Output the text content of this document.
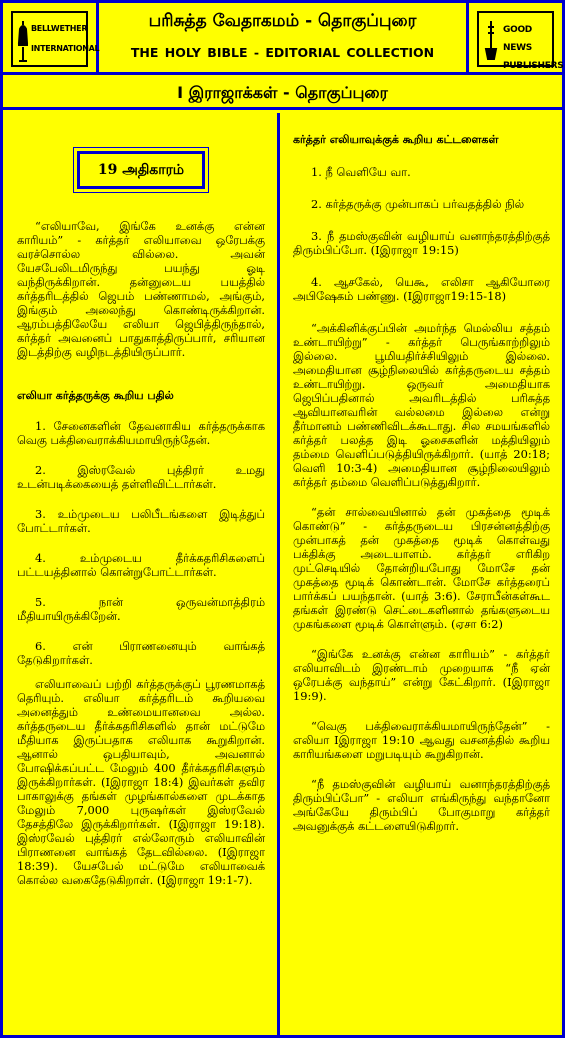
BELLWETHER
INTERNATIONAL
பரிசுத்த வேதாகமம் - தொகுப்புரை
THE HOLY BIBLE - EDITORIAL COLLECTION
GOOD NEWS
PUBLISHERS
I இராஜாக்கள் - தொகுப்புரை
19 அதிகாரம்

“எலியாவே, இங்கே உனக்கு என்ன காரியம்” - கர்த்தர் எலியாவை ஒரேபக்கு வரச்சொல்ல வில்லை. அவன் யேசபேலிடமிருந்து பயந்து ஓடி வந்திருக்கிறான். தன்னுடைய பயத்தில் கர்த்தரிடத்தில் ஜெபம் பண்ணாமல், அங்கும், இங்கும் அலைந்து கொண்டிருக்கிறான். ஆரம்பத்திலேயே எலியா ஜெபித்திருந்தால், கர்த்தர் அவனைப் பாதுகாத்திருப்பார், சரியான இடத்திற்கு வழிநடத்தியிருப்பார்.

எலியா கர்த்தருக்கு கூறிய பதில்

1. சேனைகளின் தேவனாகிய கர்த்தருக்காக வெகு பக்திவைராக்கியமாயிருந்தேன்.
2. இஸ்ரவேல் புத்திரர் உமது உடன்படிக்கையைத் தள்ளிவிட்டார்கள்.
3. உம்முடைய பலிபீடங்களை இடித்துப் போட்டார்கள்.
4. உம்முடைய தீர்க்கதரிசிகளைப் பட்டயத்தினால் கொன்றுபோட்டார்கள்.
5. நான் ஒருவன்மாத்திரம் மீதியாயிருக்கிறேன்.
6. என் பிராணனையும் வாங்கத் தேடுகிறார்கள்.

எலியாவைப் பற்றி கர்த்தருக்குப் பூரணமாகத் தெரியும். எலியா கர்த்தரிடம் கூறியவை அனைத்தும் உண்மையானவை அல்ல. கர்த்தருடைய தீர்க்கதரிசிகளில் தான் மட்டுமே மீதியாக இருப்பதாக எலியாக கூறுகிறான். ஆனால் ஒபதியாவும், அவனால் போஷிக்கப்பட்ட மேலும் 400 தீர்க்கதரிசிகளும் இருக்கிறார்கள். (Iஇராஜா 18:4) இவர்கள் தவிர பாகாலுக்கு தங்கள் முழங்கால்களை முடக்காத மேலும் 7,000 புருஷர்கள் இஸ்ரவேல் தேசத்திலே இருக்கிறார்கள். (Iஇராஜா 19:18). இஸ்ரவேல் புத்திரர் எல்லோரும் எலியாவின் பிராணனை வாங்கத் தேடவில்லை. (Iஇராஜா 18:39). யேசபேல் மட்டுமே எலியாவைக் கொல்ல வகைதேடுகிறாள். (Iஇராஜா 19:1-7).

கர்த்தர் எலியாவுக்குக் கூறிய கட்டளைகள்

1. நீ வெளியே வா.
2. கர்த்தருக்கு முன்பாகப் பர்வதத்தில் நில்
3. நீ தமஸ்குவின் வழியாய் வனாந்தரத்திற்குத் திரும்பிப்போ. (Iஇராஜா 19:15)
4. ஆசகேல், யெகூ, எலிசா ஆகியோரை அபிஷேகம் பண்ணு. (Iஇராஜா19:15-18)

“அக்கினிக்குப்பின் அமர்ந்த மெல்லிய சத்தம் உண்டாயிற்று” - கர்த்தர் பெருங்காற்றிலும் இல்லை. பூமியதிர்ச்சியிலும் இல்லை. அமைதியான சூழ்நிலையில் கர்த்தருடைய சத்தம் உண்டாயிற்று. ஒருவர் அமைதியாக ஜெபிப்பதினால் அவரிடத்தில் பரிசுத்த ஆவியானவரின் வல்லமை இல்லை என்று தீர்மானம் பண்ணிவிடக்கூடாது. சில சமயங்களில் கர்த்தர் பலத்த இடி ஓசைகளின் மத்தியிலும் தம்மை வெளிப்படுத்தியிருக்கிறார். (யாத் 20:18; வெளி 10:3-4) அமைதியான சூழ்நிலையிலும் கர்த்தர் தம்மை வெளிப்படுத்துகிறார்.

“தன் சால்வையினால் தன் முகத்தை மூடிக் கொண்டு” - கர்த்தருடைய பிரசன்னத்திற்கு முன்பாகத் தன் முகத்தை மூடிக் கொள்வது பக்திக்கு அடையாளம். கர்த்தர் எரிகிற முட்செடியில் தோன்றியபோது மோசே தன் முகத்தை மூடிக் கொண்டான். மோசே கர்த்தரைப் பார்க்கப் பயந்தான். (யாத் 3:6). சேராபீன்கள்கூட தங்கள் இரண்டு செட்டைகளினால் தங்களுடைய முகங்களை மூடிக் கொள்ளும். (ஏசா 6:2)

“இங்கே உனக்கு என்ன காரியம்” - கர்த்தர் எலியாவிடம் இரண்டாம் முறையாக “நீ ஏன் ஒரேபக்கு வந்தாய்” என்று கேட்கிறார். (Iஇராஜா 19:9).

“வெகு பக்திவைராக்கியமாயிருந்தேன்” - எலியா Iஇராஜா 19:10 ஆவது வசனத்தில் கூறிய காரியங்களை மறுபடியும் கூறுகிறான்.

“நீ தமஸ்குவின் வழியாய் வனாந்தரத்திற்குத் திரும்பிப்போ” - எலியா எங்கிருந்து வந்தானோ அங்கேயே திரும்பிப் போகுமாறு கர்த்தர் அவனுக்குக் கட்டளையிடுகிறார்.
